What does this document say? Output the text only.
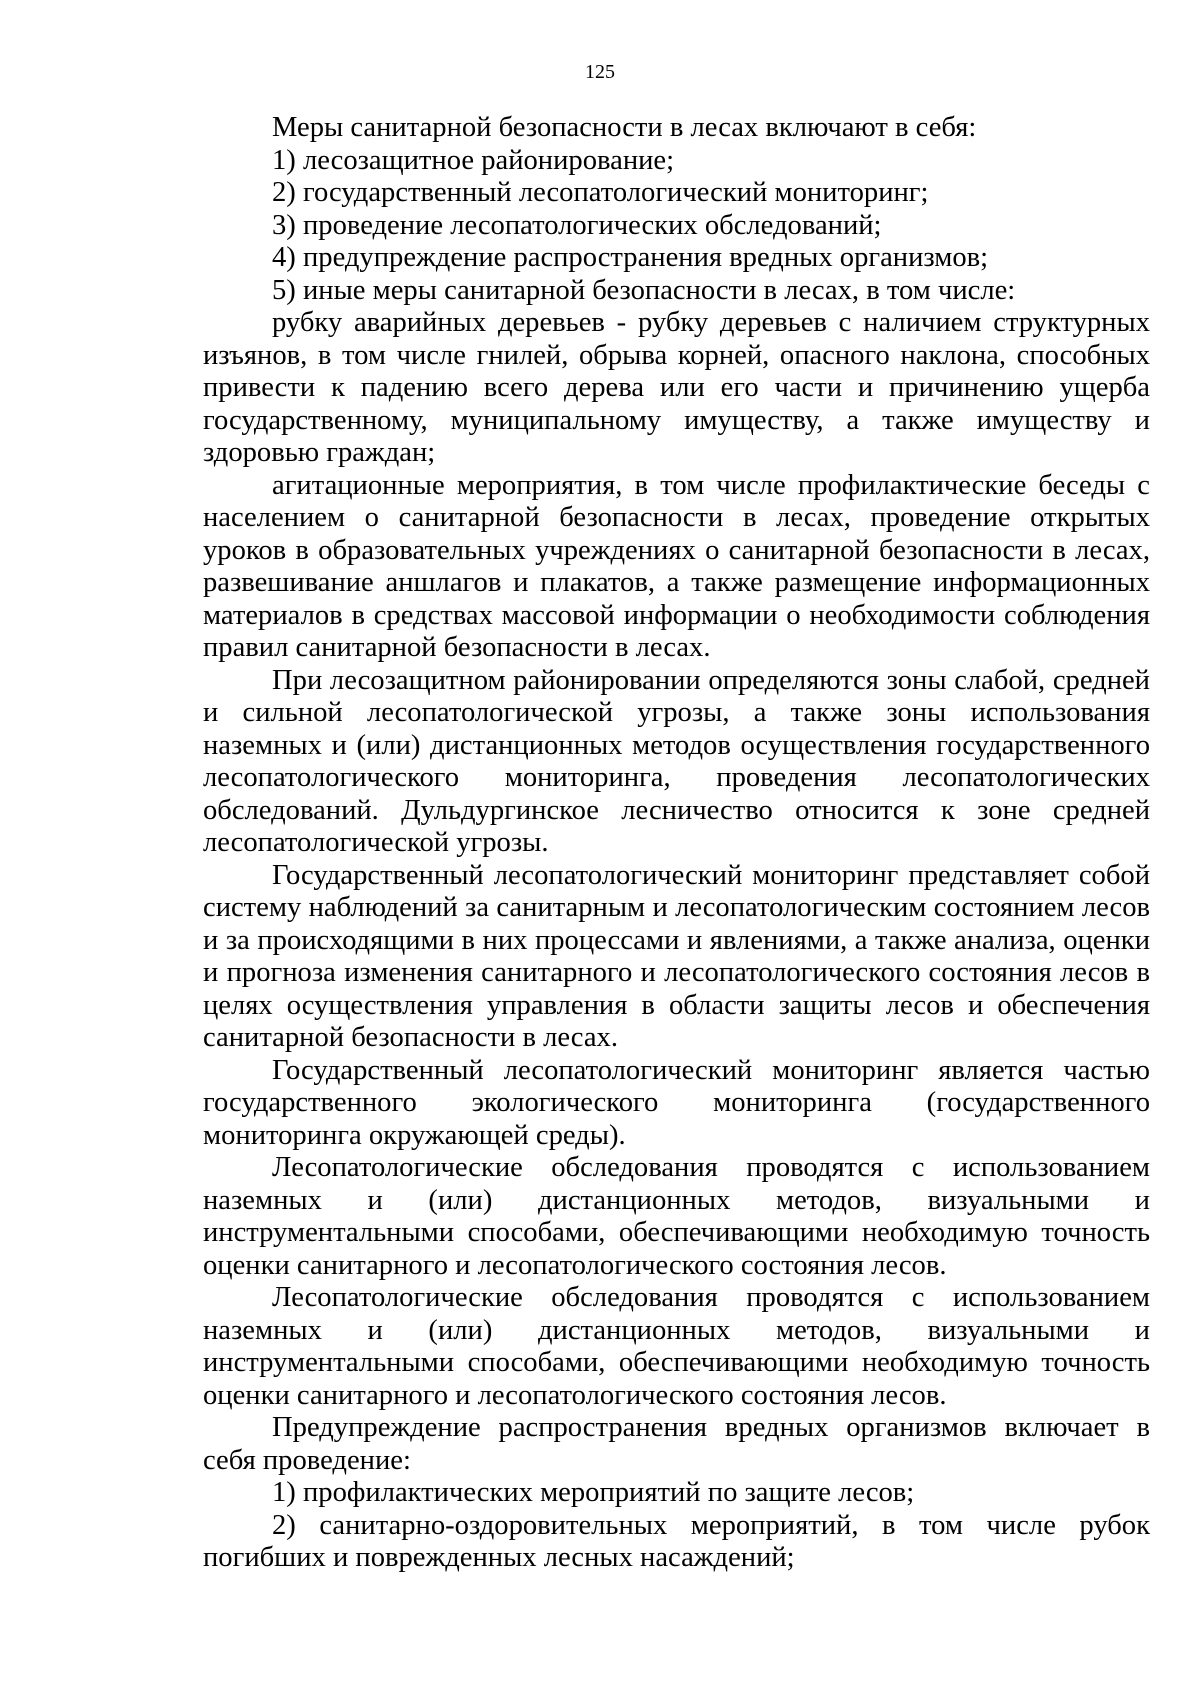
125

Меры санитарной безопасности в лесах включают в себя:

1) лесозащитное районирование;

2) государственный лесопатологический мониторинг;

3) проведение лесопатологических обследований;

4) предупреждение распространения вредных организмов;

5) иные меры санитарной безопасности в лесах, в том числе:

рубку аварийных деревьев - рубку деревьев с наличием структурных изъянов, в том числе гнилей, обрыва корней, опасного наклона, способных привести к падению всего дерева или его части и причинению ущерба государственному, муниципальному имуществу, а также имуществу и здоровью граждан;

агитационные мероприятия, в том числе профилактические беседы с населением о санитарной безопасности в лесах, проведение открытых уроков в образовательных учреждениях о санитарной безопасности в лесах, развешивание аншлагов и плакатов, а также размещение информационных материалов в средствах массовой информации о необходимости соблюдения правил санитарной безопасности в лесах.

При лесозащитном районировании определяются зоны слабой, средней и сильной лесопатологической угрозы, а также зоны использования наземных и (или) дистанционных методов осуществления государственного лесопатологического мониторинга, проведения лесопатологических обследований. Дульдургинское лесничество относится к зоне средней лесопатологической угрозы.

Государственный лесопатологический мониторинг представляет собой систему наблюдений за санитарным и лесопатологическим состоянием лесов и за происходящими в них процессами и явлениями, а также анализа, оценки и прогноза изменения санитарного и лесопатологического состояния лесов в целях осуществления управления в области защиты лесов и обеспечения санитарной безопасности в лесах.

Государственный лесопатологический мониторинг является частью государственного экологического мониторинга (государственного мониторинга окружающей среды).

Лесопатологические обследования проводятся с использованием наземных и (или) дистанционных методов, визуальными и инструментальными способами, обеспечивающими необходимую точность оценки санитарного и лесопатологического состояния лесов.

Лесопатологические обследования проводятся с использованием наземных и (или) дистанционных методов, визуальными и инструментальными способами, обеспечивающими необходимую точность оценки санитарного и лесопатологического состояния лесов.

Предупреждение распространения вредных организмов включает в себя проведение:

1) профилактических мероприятий по защите лесов;

2) санитарно-оздоровительных мероприятий, в том числе рубок погибших и поврежденных лесных насаждений;
